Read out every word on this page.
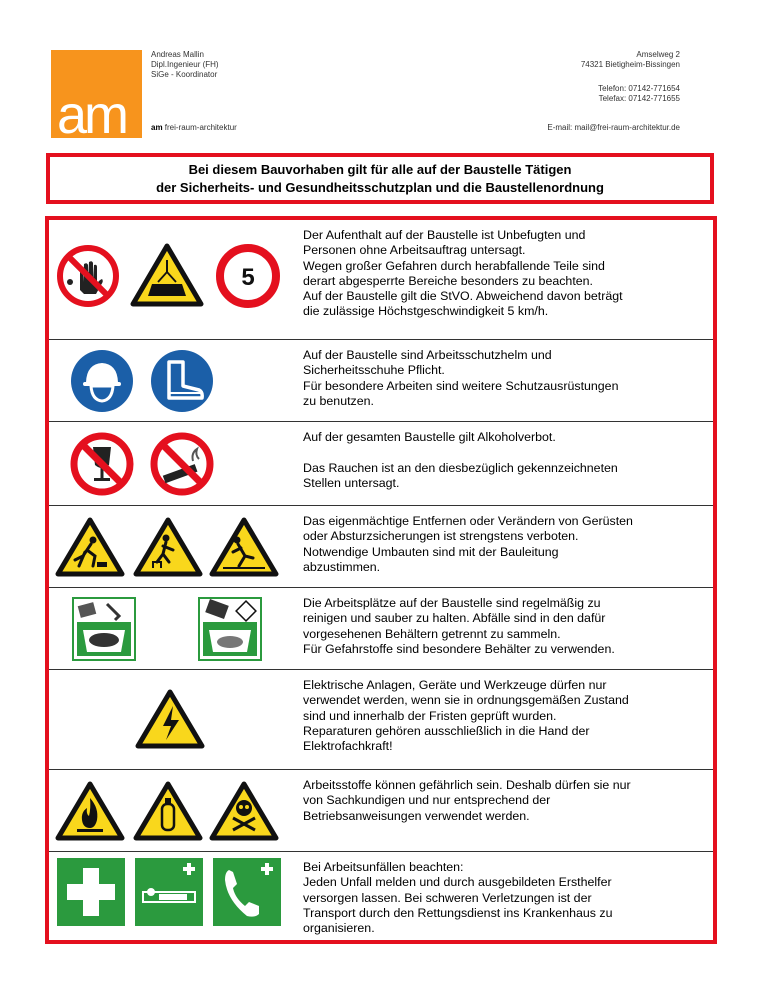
am
Andreas Mallin
Dipl.Ingenieur (FH)
SiGe - Koordinator
am frei-raum-architektur
Amselweg 2
74321 Bietigheim-Bissingen
Telefon: 07142-771654
Telefax: 07142-771655
E-mail: mail@frei-raum-architektur.de
Bei diesem Bauvorhaben gilt für alle auf der Baustelle Tätigen
der Sicherheits- und Gesundheitsschutzplan und die Baustellenordnung
5
Der Aufenthalt auf der Baustelle ist Unbefugten und
Personen ohne Arbeitsauftrag untersagt.
Wegen großer Gefahren durch herabfallende Teile sind
derart abgesperrte Bereiche besonders zu beachten.
Auf der Baustelle gilt die StVO. Abweichend davon beträgt
die zulässige Höchstgeschwindigkeit 5 km/h.
Auf der Baustelle sind Arbeitsschutzhelm und
Sicherheitsschuhe Pflicht.
Für besondere Arbeiten sind weitere Schutzausrüstungen
zu benutzen.
Auf der gesamten Baustelle gilt Alkoholverbot.
Das Rauchen ist an den diesbezüglich gekennzeichneten
Stellen untersagt.
Das eigenmächtige Entfernen oder Verändern von Gerüsten
oder Absturzsicherungen ist strengstens verboten.
Notwendige Umbauten sind mit der Bauleitung
abzustimmen.
Die Arbeitsplätze auf der Baustelle sind regelmäßig zu
reinigen und sauber zu halten. Abfälle sind in den dafür
vorgesehenen Behältern getrennt zu sammeln.
Für Gefahrstoffe sind besondere Behälter zu verwenden.
Elektrische Anlagen, Geräte und Werkzeuge dürfen nur
verwendet werden, wenn sie in ordnungsgemäßen Zustand
sind und innerhalb der Fristen geprüft wurden.
Reparaturen gehören ausschließlich in die Hand der
Elektrofachkraft!
Arbeitsstoffe können gefährlich sein. Deshalb dürfen sie nur
von Sachkundigen und nur entsprechend der
Betriebsanweisungen verwendet werden.
Bei Arbeitsunfällen beachten:
Jeden Unfall melden und durch ausgebildeten Ersthelfer
versorgen lassen. Bei schweren Verletzungen ist der
Transport durch den Rettungsdienst ins Krankenhaus zu
organisieren.
